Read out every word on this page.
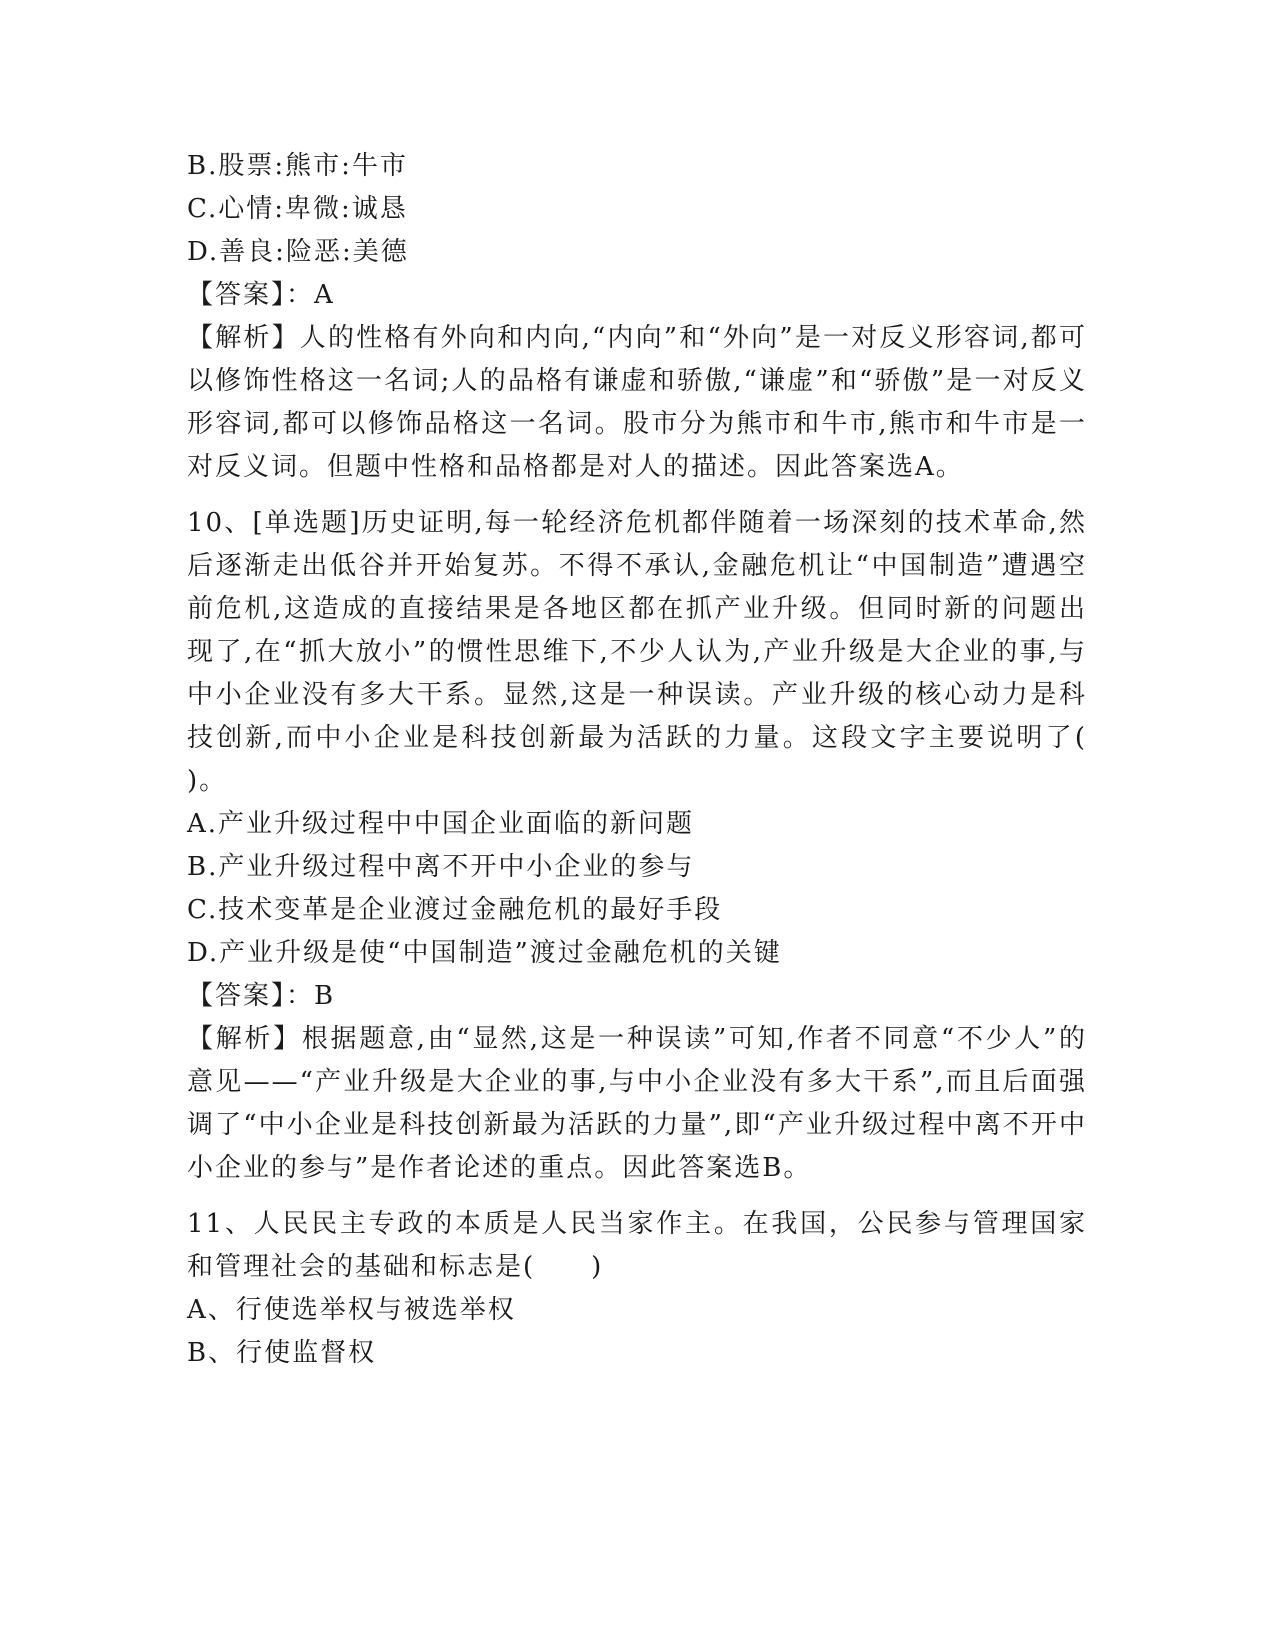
B.股票:熊市:牛市

C.心情:卑微:诚恳

D.善良:险恶:美德

【答案】：A

【解析】人的性格有外向和内向,“内向”和“外向”是一对反义形容词,都可以修饰性格这一名词;人的品格有谦虚和骄傲,“谦虚”和“骄傲”是一对反义形容词,都可以修饰品格这一名词。股市分为熊市和牛市,熊市和牛市是一对反义词。但题中性格和品格都是对人的描述。因此答案选A。

10、[单选题]历史证明,每一轮经济危机都伴随着一场深刻的技术革命,然后逐渐走出低谷并开始复苏。不得不承认,金融危机让“中国制造”遭遇空前危机,这造成的直接结果是各地区都在抓产业升级。但同时新的问题出现了,在“抓大放小”的惯性思维下,不少人认为,产业升级是大企业的事,与中小企业没有多大干系。显然,这是一种误读。产业升级的核心动力是科技创新,而中小企业是科技创新最为活跃的力量。这段文字主要说明了(   )。

A.产业升级过程中中国企业面临的新问题

B.产业升级过程中离不开中小企业的参与

C.技术变革是企业渡过金融危机的最好手段

D.产业升级是使“中国制造”渡过金融危机的关键

【答案】：B

【解析】根据题意,由“显然,这是一种误读”可知,作者不同意“不少人”的意见——“产业升级是大企业的事,与中小企业没有多大干系”,而且后面强调了“中小企业是科技创新最为活跃的力量”,即“产业升级过程中离不开中小企业的参与”是作者论述的重点。因此答案选B。

11、人民民主专政的本质是人民当家作主。在我国，公民参与管理国家和管理社会的基础和标志是(　　)

A、行使选举权与被选举权

B、行使监督权
